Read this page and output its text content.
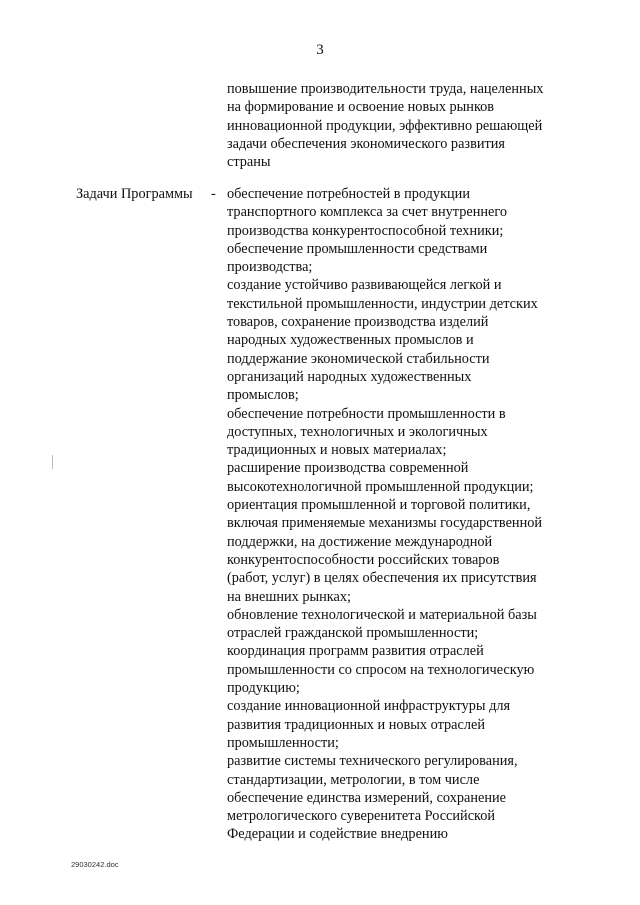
3
повышение производительности труда, нацеленных
на формирование и освоение новых рынков
инновационной продукции, эффективно решающей
задачи обеспечения экономического развития
страны
Задачи Программы - обеспечение потребностей в продукции
транспортного комплекса за счет внутреннего
производства конкурентоспособной техники;
обеспечение промышленности средствами
производства;
создание устойчиво развивающейся легкой и
текстильной промышленности, индустрии детских
товаров, сохранение производства изделий
народных художественных промыслов и
поддержание экономической стабильности
организаций народных художественных
промыслов;
обеспечение потребности промышленности в
доступных, технологичных и экологичных
традиционных и новых материалах;
расширение производства современной
высокотехнологичной промышленной продукции;
ориентация промышленной и торговой политики,
включая применяемые механизмы государственной
поддержки, на достижение международной
конкурентоспособности российских товаров
(работ, услуг) в целях обеспечения их присутствия
на внешних рынках;
обновление технологической и материальной базы
отраслей гражданской промышленности;
координация программ развития отраслей
промышленности со спросом на технологическую
продукцию;
создание инновационной инфраструктуры для
развития традиционных и новых отраслей
промышленности;
развитие системы технического регулирования,
стандартизации, метрологии, в том числе
обеспечение единства измерений, сохранение
метрологического суверенитета Российской
Федерации и содействие внедрению
29030242.doc
